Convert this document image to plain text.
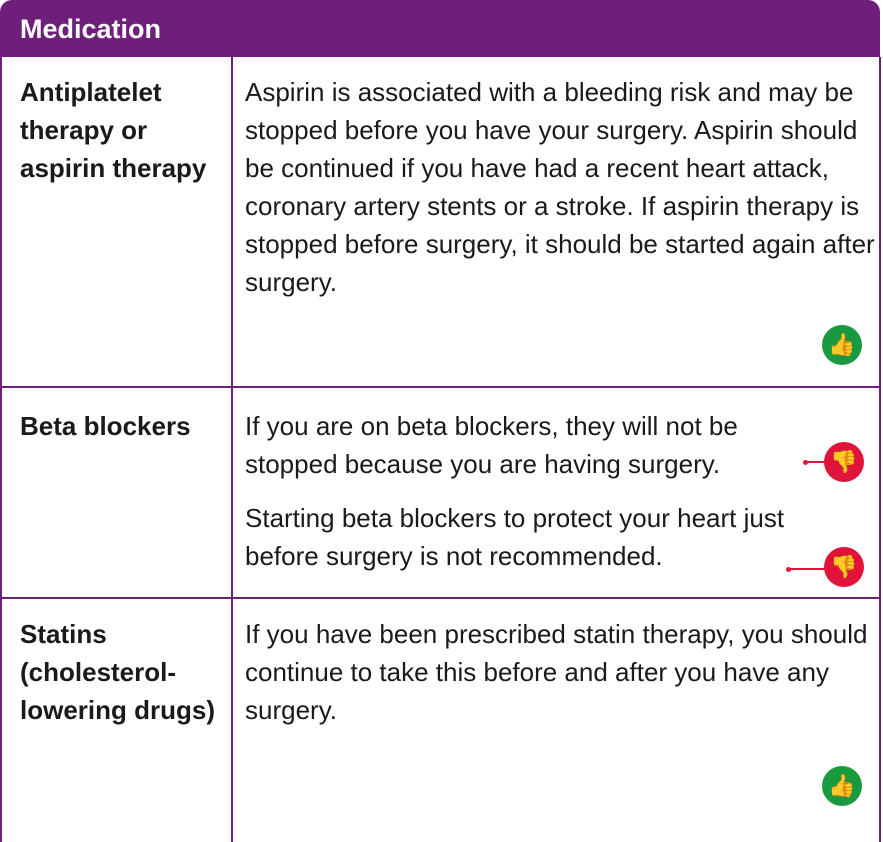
Medication
Antiplatelet therapy or aspirin therapy

Aspirin is associated with a bleeding risk and may be stopped before you have your surgery. Aspirin should be continued if you have had a recent heart attack, coronary artery stents or a stroke. If aspirin therapy is stopped before surgery, it should be started again after surgery.

👍
Beta blockers	If you are on beta blockers, they will not be stopped because you are having surgery.

Starting beta blockers to protect your heart just before surgery is not recommended.

👎
👎
Statins (cholesterol-lowering drugs)

If you have been prescribed statin therapy, you should continue to take this before and after you have any surgery.

👍
